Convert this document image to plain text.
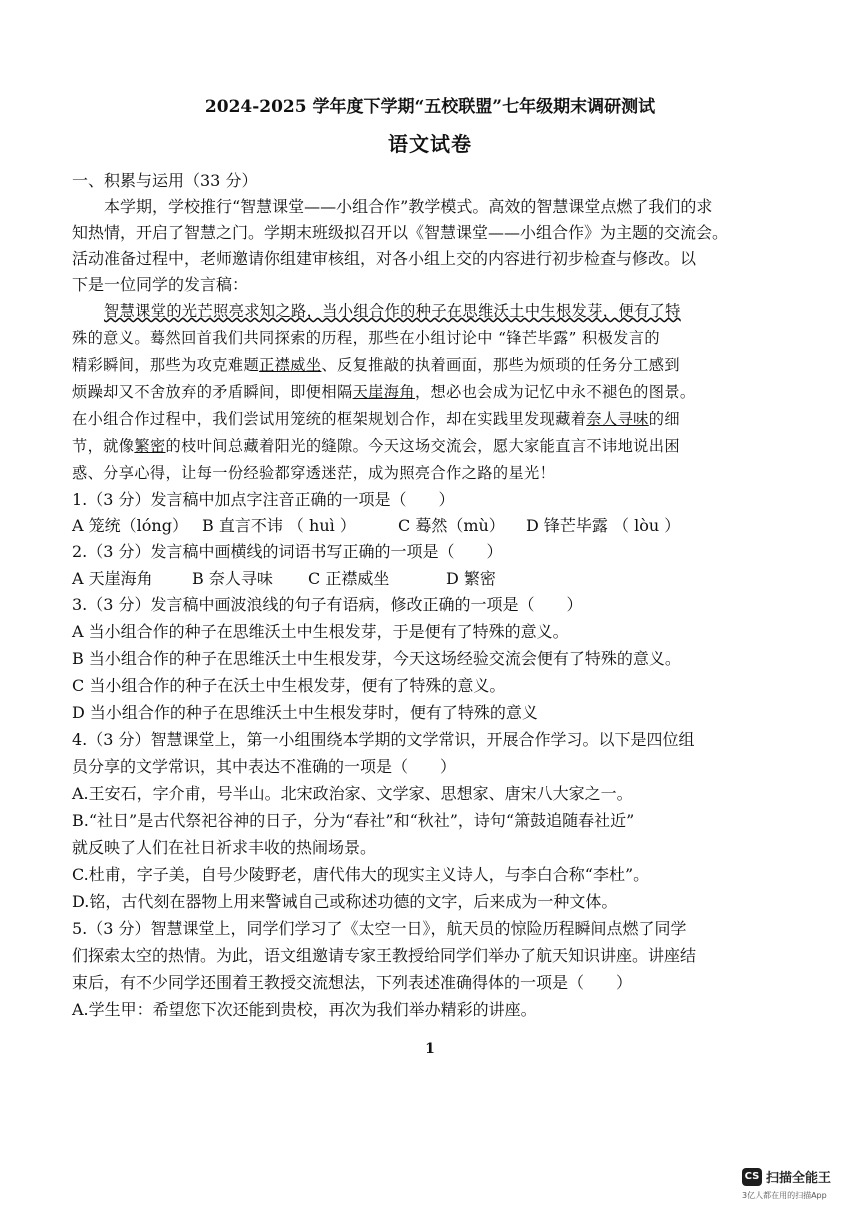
2024-2025 学年度下学期“五校联盟”七年级期末调研测试
语文试卷
一、积累与运用（33 分）
本学期，学校推行“智慧课堂——小组合作”教学模式。高效的智慧课堂点燃了我们的求
知热情，开启了智慧之门。学期末班级拟召开以《智慧课堂——小组合作》为主题的交流会。
活动准备过程中，老师邀请你组建审核组，对各小组上交的内容进行初步检查与修改。以
下是一位同学的发言稿：
智慧课堂的光芒照亮求知之路，当小组合作的种子在思维沃土中生根发芽，便有了特
殊的意义。蓦然回首我们共同探索的历程，那些在小组讨论中 “锋芒毕露” 积极发言的
精彩瞬间，那些为攻克难题正襟威坐、反复推敲的执着画面，那些为烦琐的任务分工感到
烦躁却又不舍放弃的矛盾瞬间，即便相隔天崖海角，想必也会成为记忆中永不褪色的图景。
在小组合作过程中，我们尝试用笼统的框架规划合作，却在实践里发现藏着奈人寻味的细
节，就像繁密的枝叶间总藏着阳光的缝隙。今天这场交流会，愿大家能直言不讳地说出困
惑、分享心得，让每一份经验都穿透迷茫，成为照亮合作之路的星光！
1.（3 分）发言稿中加点字注音正确的一项是（　　）
A 笼统（lóng） B 直言不讳 （ huì ）	C 蓦然（mù）	D 锋芒毕露 （ lòu ）
2.（3 分）发言稿中画横线的词语书写正确的一项是（　　）
A 天崖海角	B 奈人寻味	C 正襟威坐	D 繁密
3.（3 分）发言稿中画波浪线的句子有语病，修改正确的一项是（　　）
A 当小组合作的种子在思维沃土中生根发芽，于是便有了特殊的意义。
B 当小组合作的种子在思维沃土中生根发芽，今天这场经验交流会便有了特殊的意义。
C 当小组合作的种子在沃土中生根发芽，便有了特殊的意义。
D 当小组合作的种子在思维沃土中生根发芽时，便有了特殊的意义
4.（3 分）智慧课堂上，第一小组围绕本学期的文学常识，开展合作学习。以下是四位组
员分享的文学常识，其中表达不准确的一项是（　　）
A.王安石，字介甫，号半山。北宋政治家、文学家、思想家、唐宋八大家之一。
B.“社日”是古代祭祀谷神的日子，分为“春社”和“秋社”，诗句“箫鼓追随春社近”
就反映了人们在社日祈求丰收的热闹场景。
C.杜甫，字子美，自号少陵野老，唐代伟大的现实主义诗人，与李白合称“李杜”。
D.铭，古代刻在器物上用来警诫自己或称述功德的文字，后来成为一种文体。
5.（3 分）智慧课堂上，同学们学习了《太空一日》，航天员的惊险历程瞬间点燃了同学
们探索太空的热情。为此，语文组邀请专家王教授给同学们举办了航天知识讲座。讲座结
束后，有不少同学还围着王教授交流想法，下列表述准确得体的一项是（　　）
A.学生甲：希望您下次还能到贵校，再次为我们举办精彩的讲座。
1
CS 扫描全能王
3亿人都在用的扫描App
